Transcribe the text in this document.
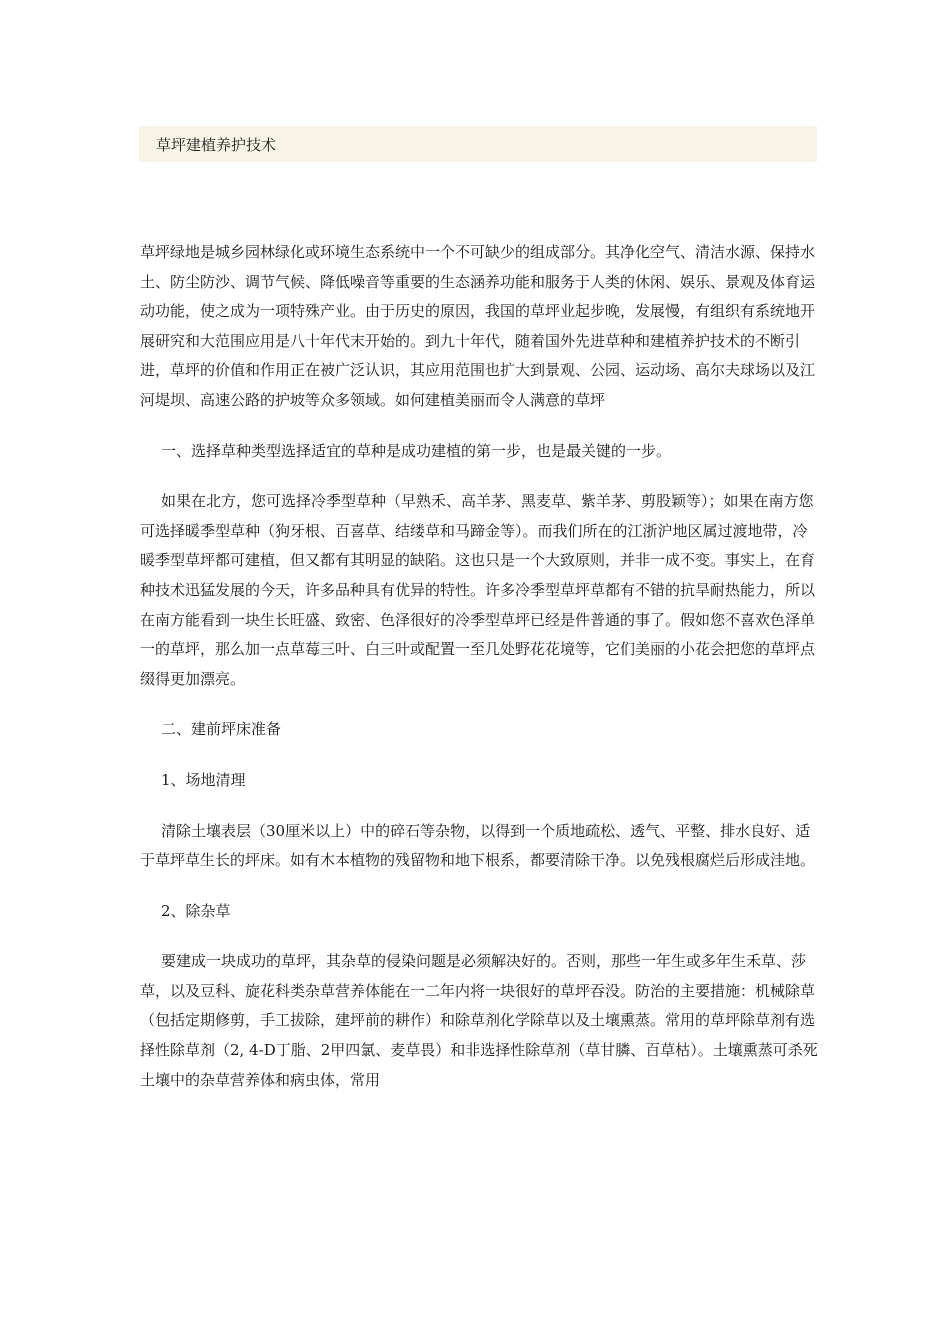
草坪建植养护技术

草坪绿地是城乡园林绿化或环境生态系统中一个不可缺少的组成部分。其净化空气、清洁水源、保持水土、防尘防沙、调节气候、降低噪音等重要的生态涵养功能和服务于人类的休闲、娱乐、景观及体育运动功能，使之成为一项特殊产业。由于历史的原因，我国的草坪业起步晚，发展慢，有组织有系统地开展研究和大范围应用是八十年代末开始的。到九十年代，随着国外先进草种和建植养护技术的不断引进，草坪的价值和作用正在被广泛认识，其应用范围也扩大到景观、公园、运动场、高尔夫球场以及江河堤坝、高速公路的护坡等众多领域。如何建植美丽而令人满意的草坪

一、选择草种类型选择适宜的草种是成功建植的第一步，也是最关键的一步。

如果在北方，您可选择冷季型草种（早熟禾、高羊茅、黑麦草、紫羊茅、剪股颖等）；如果在南方您可选择暖季型草种（狗牙根、百喜草、结缕草和马蹄金等）。而我们所在的江浙沪地区属过渡地带，冷暖季型草坪都可建植，但又都有其明显的缺陷。这也只是一个大致原则，并非一成不变。事实上，在育种技术迅猛发展的今天，许多品种具有优异的特性。许多冷季型草坪草都有不错的抗旱耐热能力，所以在南方能看到一块生长旺盛、致密、色泽很好的冷季型草坪已经是件普通的事了。假如您不喜欢色泽单一的草坪，那么加一点草莓三叶、白三叶或配置一至几处野花花境等，它们美丽的小花会把您的草坪点缀得更加漂亮。

二、建前坪床准备

1、场地清理

清除土壤表层（30厘米以上）中的碎石等杂物，以得到一个质地疏松、透气、平整、排水良好、适于草坪草生长的坪床。如有木本植物的残留物和地下根系，都要清除干净。以免残根腐烂后形成洼地。

2、除杂草

要建成一块成功的草坪，其杂草的侵染问题是必须解决好的。否则，那些一年生或多年生禾草、莎草，以及豆科、旋花科类杂草营养体能在一二年内将一块很好的草坪吞没。防治的主要措施：机械除草（包括定期修剪，手工拔除，建坪前的耕作）和除草剂化学除草以及土壤熏蒸。常用的草坪除草剂有选择性除草剂（2, 4-D丁脂、2甲四氯、麦草畏）和非选择性除草剂（草甘膦、百草枯）。土壤熏蒸可杀死土壤中的杂草营养体和病虫体，常用
